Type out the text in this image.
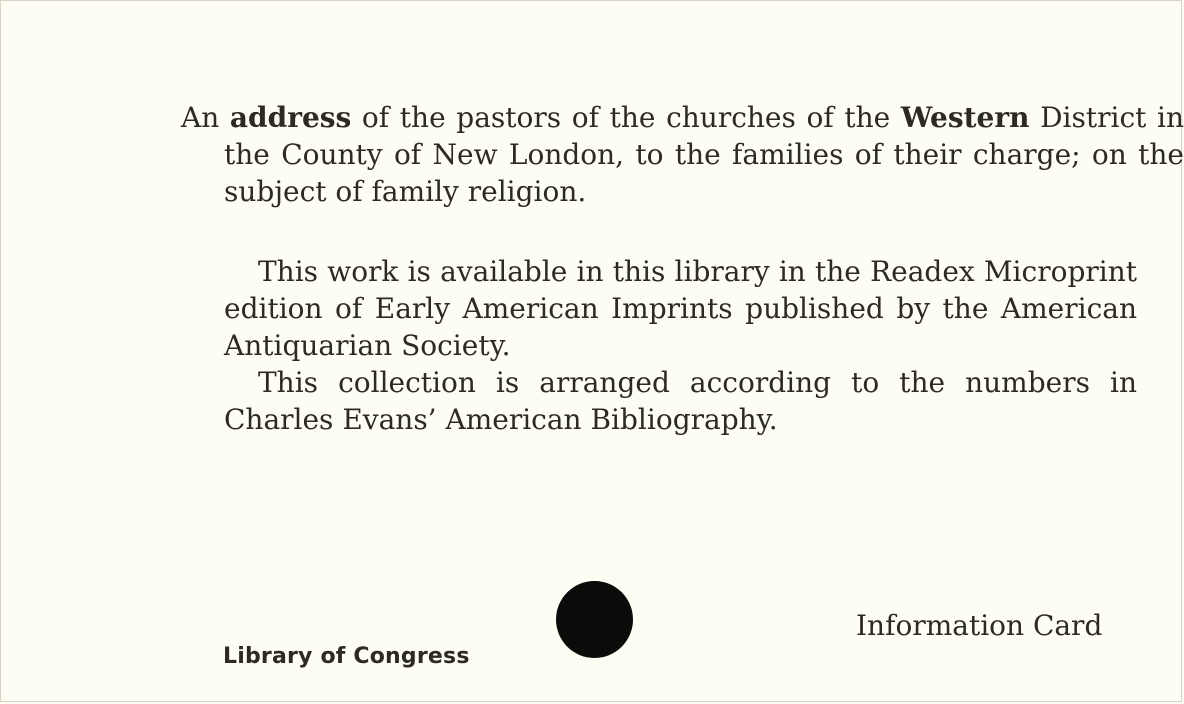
An address of the pastors of the churches of the Western District in the County of New London, to the families of their charge; on the subject of family religion.

This work is available in this library in the Readex Microprint edition of Early American Imprints published by the American Antiquarian Society.

This collection is arranged according to the numbers in Charles Evans’ American Bibliography.

Library of Congress
Information Card
